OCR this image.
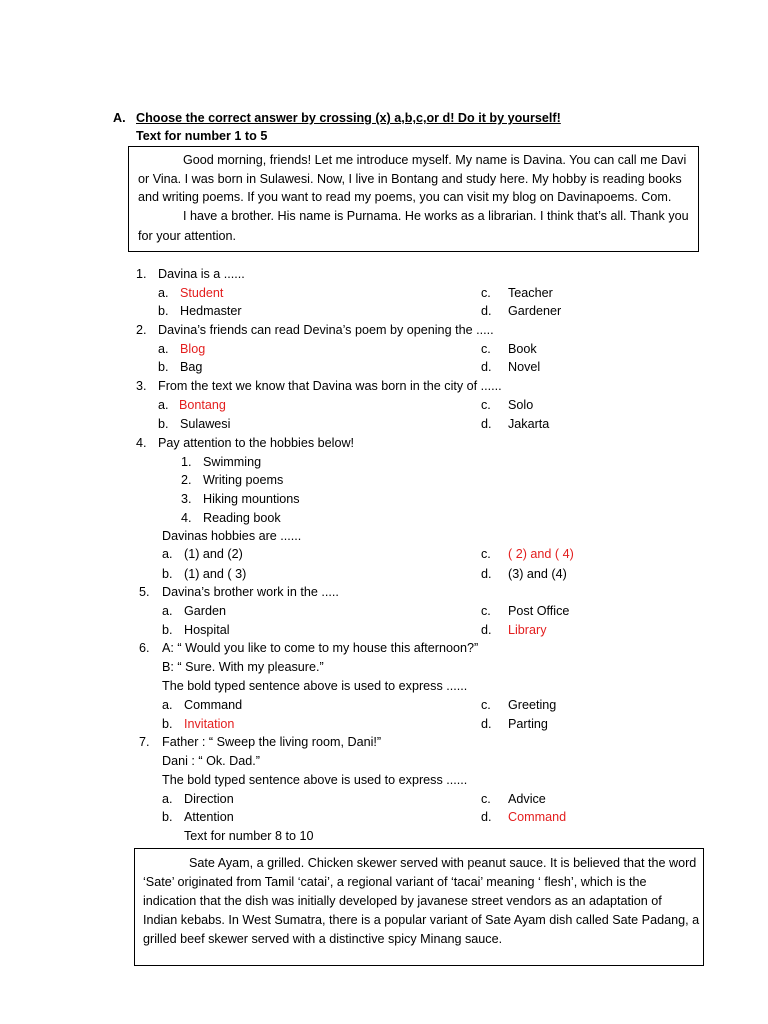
A. Choose the correct answer by crossing (x) a,b,c,or d! Do it by yourself!
Text for number 1 to 5
Good morning, friends! Let me introduce myself. My name is Davina. You can call me Davi
or Vina. I was born in Sulawesi. Now, I live in Bontang and study here. My hobby is reading books
and writing poems. If you want to read my poems, you can visit my blog on Davinapoems. Com.
I have a brother. His name is Purnama. He works as a librarian. I think that’s all. Thank you
for your attention.
1. Davina is a ......
a. Student	c. Teacher
b. Hedmaster	d. Gardener
2. Davina’s friends can read Devina’s poem by opening the .....
a. Blog	c. Book
b. Bag	d. Novel
3. From the text we know that Davina was born in the city of ......
a. Bontang	c. Solo
b. Sulawesi	d. Jakarta
4. Pay attention to the hobbies below!
1. Swimming
2. Writing poems
3. Hiking mountions
4. Reading book
Davinas hobbies are ......
a. (1) and (2)	c. ( 2) and ( 4)
b. (1) and ( 3)	d. (3) and (4)
5. Davina’s brother work in the .....
a. Garden	c. Post Office
b. Hospital	d. Library
6. A: “ Would you like to come to my house this afternoon?”
B: “ Sure. With my pleasure.”
The bold typed sentence above is used to express ......
a. Command	c. Greeting
b. Invitation	d. Parting
7. Father : “ Sweep the living room, Dani!”
Dani : “ Ok. Dad.”
The bold typed sentence above is used to express ......
a. Direction	c. Advice
b. Attention	d. Command
Text for number 8 to 10
Sate Ayam, a grilled. Chicken skewer served with peanut sauce. It is believed that the word
‘Sate’ originated from Tamil ‘catai’, a regional variant of ‘tacai’ meaning ‘ flesh’, which is the
indication that the dish was initially developed by javanese street vendors as an adaptation of
Indian kebabs. In West Sumatra, there is a popular variant of Sate Ayam dish called Sate Padang, a
grilled beef skewer served with a distinctive spicy Minang sauce.
